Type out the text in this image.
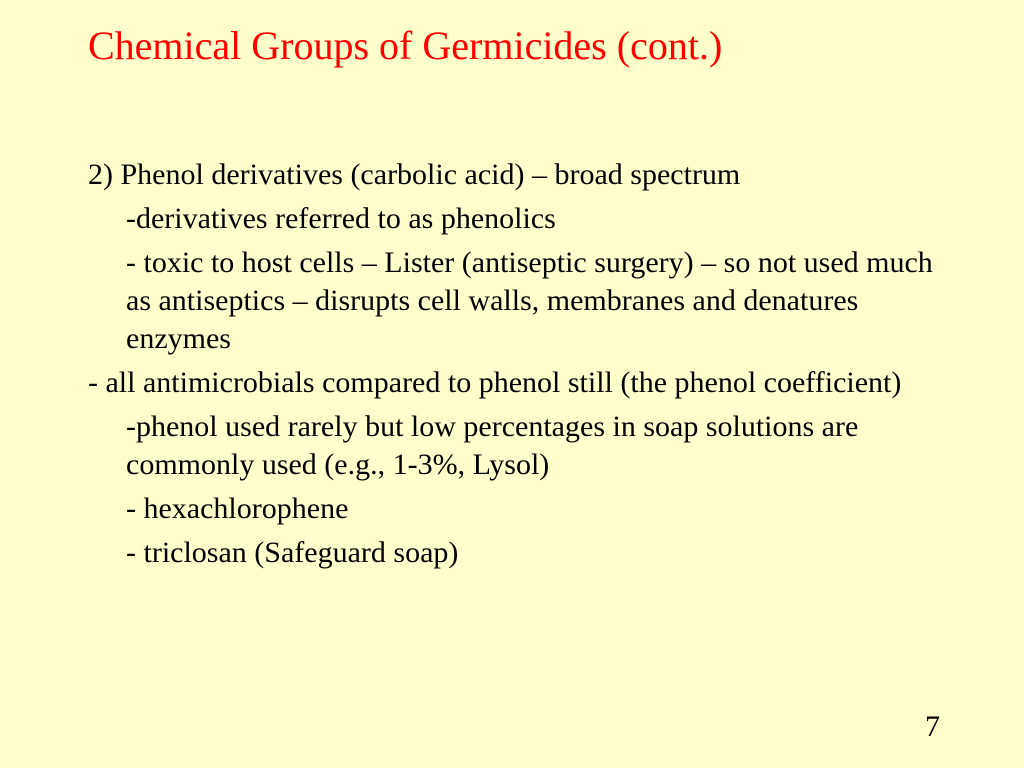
Chemical Groups of Germicides (cont.)

2) Phenol derivatives (carbolic acid) – broad spectrum

-derivatives referred to as phenolics

- toxic to host cells – Lister (antiseptic surgery) – so not used much as antiseptics – disrupts cell walls, membranes and denatures enzymes

- all antimicrobials compared to phenol still (the phenol coefficient)

-phenol used rarely but low percentages in soap solutions are commonly used (e.g., 1-3%, Lysol)

- hexachlorophene

- triclosan (Safeguard soap)

7
